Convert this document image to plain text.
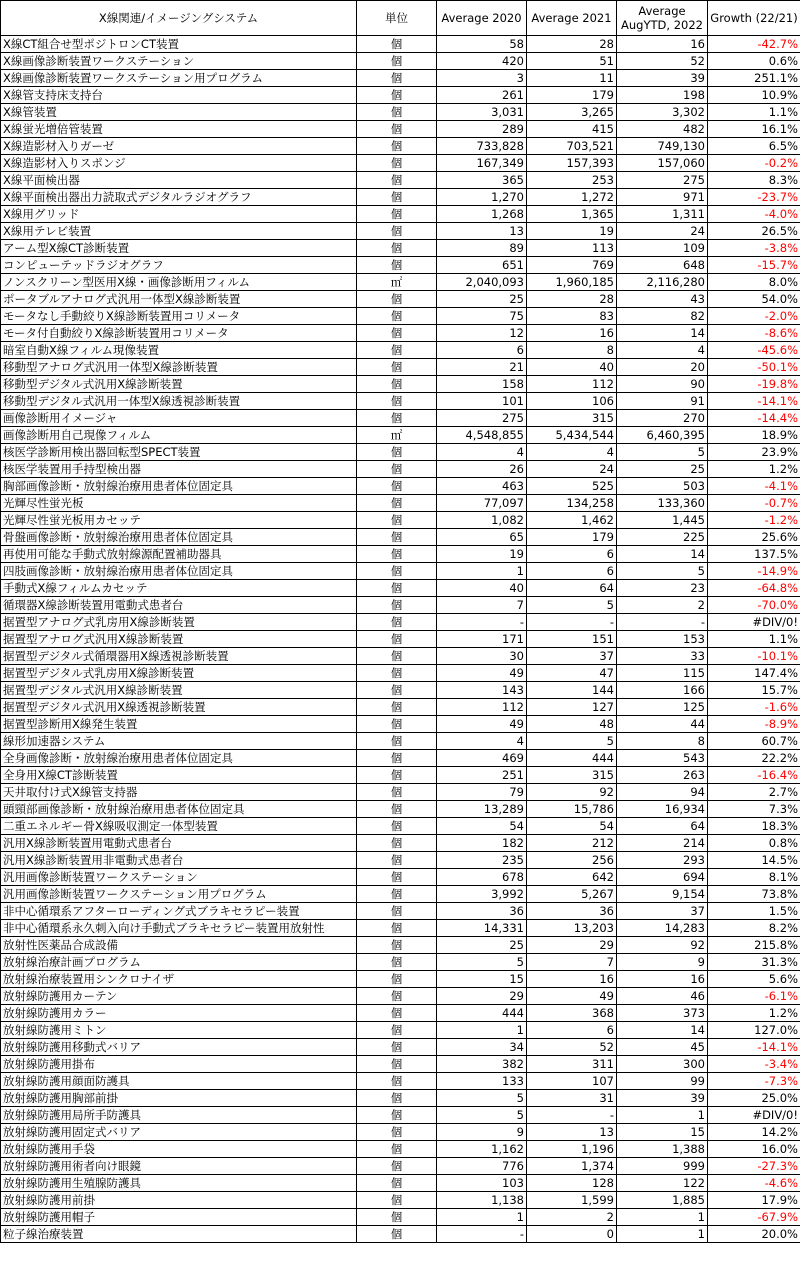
X線関連/イメージングシステム	単位	Average 2020	Average 2021	Average AugYTD, 2022	Growth (22/21)
X線CT組合せ型ポジトロンCT装置	個	58	28	16	-42.7%
X線画像診断装置ワークステーション	個	420	51	52	0.6%
X線画像診断装置ワークステーション用プログラム	個	3	11	39	251.1%
X線管支持床支持台	個	261	179	198	10.9%
X線管装置	個	3,031	3,265	3,302	1.1%
X線蛍光増倍管装置	個	289	415	482	16.1%
X線造影材入りガーゼ	個	733,828	703,521	749,130	6.5%
X線造影材入りスポンジ	個	167,349	157,393	157,060	-0.2%
X線平面検出器	個	365	253	275	8.3%
X線平面検出器出力読取式デジタルラジオグラフ	個	1,270	1,272	971	-23.7%
X線用グリッド	個	1,268	1,365	1,311	-4.0%
X線用テレビ装置	個	13	19	24	26.5%
アーム型X線CT診断装置	個	89	113	109	-3.8%
コンピューテッドラジオグラフ	個	651	769	648	-15.7%
ノンスクリーン型医用X線・画像診断用フィルム	㎡	2,040,093	1,960,185	2,116,280	8.0%
ポータブルアナログ式汎用一体型X線診断装置	個	25	28	43	54.0%
モータなし手動絞りX線診断装置用コリメータ	個	75	83	82	-2.0%
モータ付自動絞りX線診断装置用コリメータ	個	12	16	14	-8.6%
暗室自動X線フィルム現像装置	個	6	8	4	-45.6%
移動型アナログ式汎用一体型X線診断装置	個	21	40	20	-50.1%
移動型デジタル式汎用X線診断装置	個	158	112	90	-19.8%
移動型デジタル式汎用一体型X線透視診断装置	個	101	106	91	-14.1%
画像診断用イメージャ	個	275	315	270	-14.4%
画像診断用自己現像フィルム	㎡	4,548,855	5,434,544	6,460,395	18.9%
核医学診断用検出器回転型SPECT装置	個	4	4	5	23.9%
核医学装置用手持型検出器	個	26	24	25	1.2%
胸部画像診断・放射線治療用患者体位固定具	個	463	525	503	-4.1%
光輝尽性蛍光板	個	77,097	134,258	133,360	-0.7%
光輝尽性蛍光板用カセッテ	個	1,082	1,462	1,445	-1.2%
骨盤画像診断・放射線治療用患者体位固定具	個	65	179	225	25.6%
再使用可能な手動式放射線源配置補助器具	個	19	6	14	137.5%
四肢画像診断・放射線治療用患者体位固定具	個	1	6	5	-14.9%
手動式X線フィルムカセッテ	個	40	64	23	-64.8%
循環器X線診断装置用電動式患者台	個	7	5	2	-70.0%
据置型アナログ式乳房用X線診断装置	個	-	-	-	#DIV/0!
据置型アナログ式汎用X線診断装置	個	171	151	153	1.1%
据置型デジタル式循環器用X線透視診断装置	個	30	37	33	-10.1%
据置型デジタル式乳房用X線診断装置	個	49	47	115	147.4%
据置型デジタル式汎用X線診断装置	個	143	144	166	15.7%
据置型デジタル式汎用X線透視診断装置	個	112	127	125	-1.6%
据置型診断用X線発生装置	個	49	48	44	-8.9%
線形加速器システム	個	4	5	8	60.7%
全身画像診断・放射線治療用患者体位固定具	個	469	444	543	22.2%
全身用X線CT診断装置	個	251	315	263	-16.4%
天井取付け式X線管支持器	個	79	92	94	2.7%
頭頸部画像診断・放射線治療用患者体位固定具	個	13,289	15,786	16,934	7.3%
二重エネルギー骨X線吸収測定一体型装置	個	54	54	64	18.3%
汎用X線診断装置用電動式患者台	個	182	212	214	0.8%
汎用X線診断装置用非電動式患者台	個	235	256	293	14.5%
汎用画像診断装置ワークステーション	個	678	642	694	8.1%
汎用画像診断装置ワークステーション用プログラム	個	3,992	5,267	9,154	73.8%
非中心循環系アフターローディング式ブラキセラピー装置	個	36	36	37	1.5%
非中心循環系永久刺入向け手動式ブラキセラピー装置用放射性	個	14,331	13,203	14,283	8.2%
放射性医薬品合成設備	個	25	29	92	215.8%
放射線治療計画プログラム	個	5	7	9	31.3%
放射線治療装置用シンクロナイザ	個	15	16	16	5.6%
放射線防護用カーテン	個	29	49	46	-6.1%
放射線防護用カラー	個	444	368	373	1.2%
放射線防護用ミトン	個	1	6	14	127.0%
放射線防護用移動式バリア	個	34	52	45	-14.1%
放射線防護用掛布	個	382	311	300	-3.4%
放射線防護用顔面防護具	個	133	107	99	-7.3%
放射線防護用胸部前掛	個	5	31	39	25.0%
放射線防護用局所手防護具	個	5	-	1	#DIV/0!
放射線防護用固定式バリア	個	9	13	15	14.2%
放射線防護用手袋	個	1,162	1,196	1,388	16.0%
放射線防護用術者向け眼鏡	個	776	1,374	999	-27.3%
放射線防護用生殖腺防護具	個	103	128	122	-4.6%
放射線防護用前掛	個	1,138	1,599	1,885	17.9%
放射線防護用帽子	個	1	2	1	-67.9%
粒子線治療装置	個	-	0	1	20.0%
